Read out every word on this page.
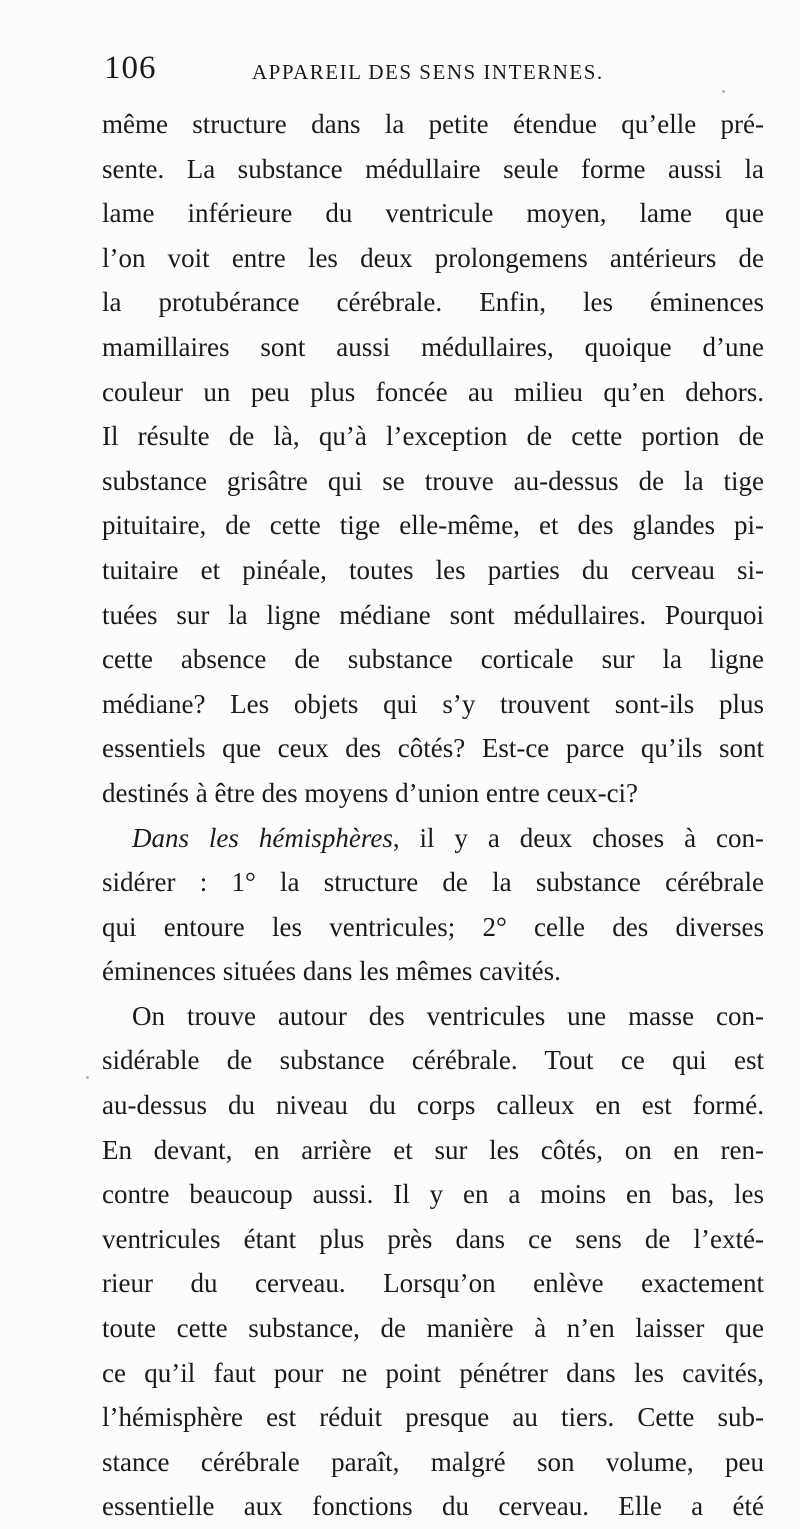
106	APPAREIL DES SENS INTERNES.
même structure dans la petite étendue qu’elle pré-
sente. La substance médullaire seule forme aussi la
lame inférieure du ventricule moyen, lame que
l’on voit entre les deux prolongemens antérieurs de
la protubérance cérébrale. Enfin, les éminences
mamillaires sont aussi médullaires, quoique d’une
couleur un peu plus foncée au milieu qu’en dehors.
Il résulte de là, qu’à l’exception de cette portion de
substance grisâtre qui se trouve au-dessus de la tige
pituitaire, de cette tige elle-même, et des glandes pi-
tuitaire et pinéale, toutes les parties du cerveau si-
tuées sur la ligne médiane sont médullaires. Pourquoi
cette absence de substance corticale sur la ligne
médiane? Les objets qui s’y trouvent sont-ils plus
essentiels que ceux des côtés? Est-ce parce qu’ils sont
destinés à être des moyens d’union entre ceux-ci?
Dans les hémisphères, il y a deux choses à con-
sidérer : 1° la structure de la substance cérébrale
qui entoure les ventricules; 2° celle des diverses
éminences situées dans les mêmes cavités.
On trouve autour des ventricules une masse con-
sidérable de substance cérébrale. Tout ce qui est
au-dessus du niveau du corps calleux en est formé.
En devant, en arrière et sur les côtés, on en ren-
contre beaucoup aussi. Il y en a moins en bas, les
ventricules étant plus près dans ce sens de l’exté-
rieur du cerveau. Lorsqu’on enlève exactement
toute cette substance, de manière à n’en laisser que
ce qu’il faut pour ne point pénétrer dans les cavités,
l’hémisphère est réduit presque au tiers. Cette sub-
stance cérébrale paraît, malgré son volume, peu
essentielle aux fonctions du cerveau. Elle a été
